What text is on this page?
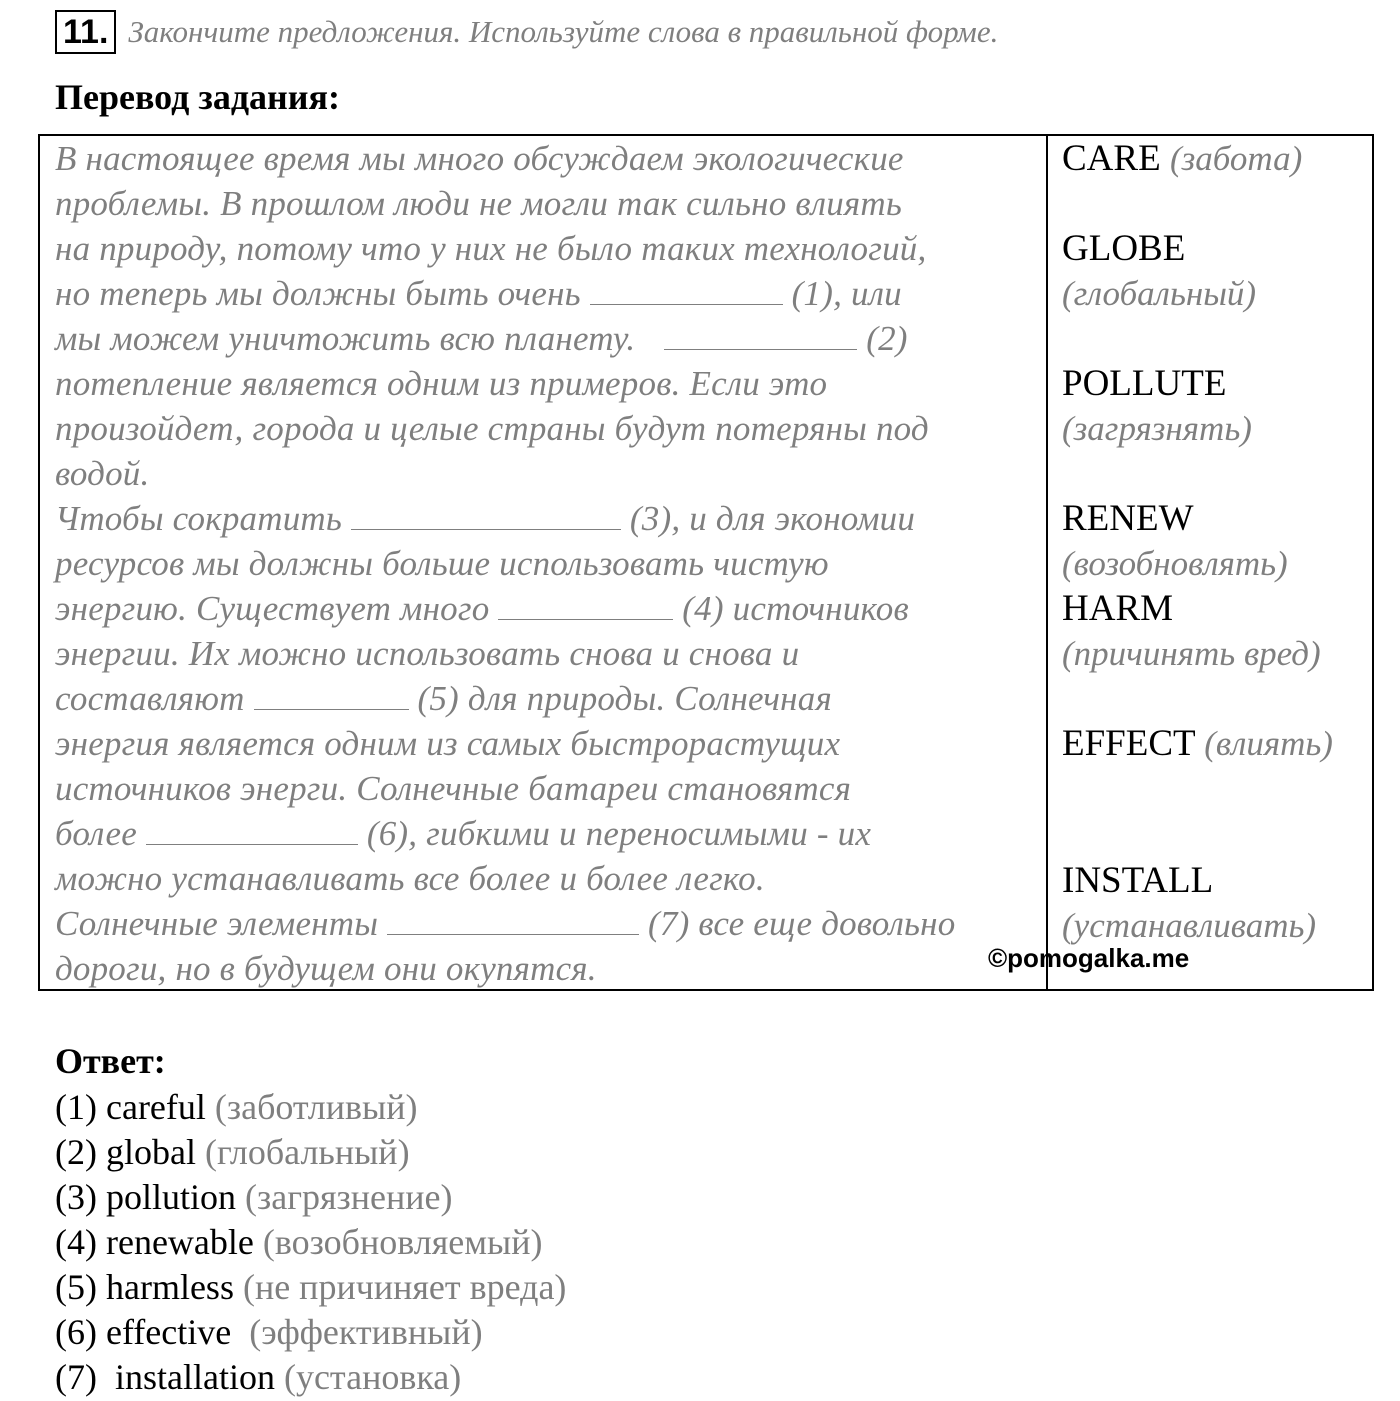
11. Закончите предложения. Используйте слова в правильной форме.
Перевод задания:
В настоящее время мы много обсуждаем экологические
проблемы. В прошлом люди не могли так сильно влиять
на природу, потому что у них не было таких технологий,
но теперь мы должны быть очень	(1), или
мы можем уничтожить всю планету.	(2)
потепление является одним из примеров. Если это
произойдет, города и целые страны будут потеряны под
водой.
Чтобы сократить	(3), и для экономии
ресурсов мы должны больше использовать чистую
энергию. Существует много	(4) источников
энергии. Их можно использовать снова и снова и
составляют	(5) для природы. Солнечная
энергия является одним из самых быстрорастущих
источников энерги. Солнечные батареи становятся
более	(6), гибкими и переносимыми - их
можно устанавливать все более и более легко.
Солнечные элементы	(7) все еще довольно
дороги, но в будущем они окупятся.
CARE (забота)
GLOBE
(глобальный)
POLLUTE
(загрязнять)
RENEW
(возобновлять)
HARM
(причинять вред)
EFFECT (влиять)
INSTALL
(устанавливать)
©pomogalka.me
Ответ:
(1) careful (заботливый)
(2) global (глобальный)
(3) pollution (загрязнение)
(4) renewable (возобновляемый)
(5) harmless (не причиняет вреда)
(6) effective (эффективный)
(7) installation (установка)
